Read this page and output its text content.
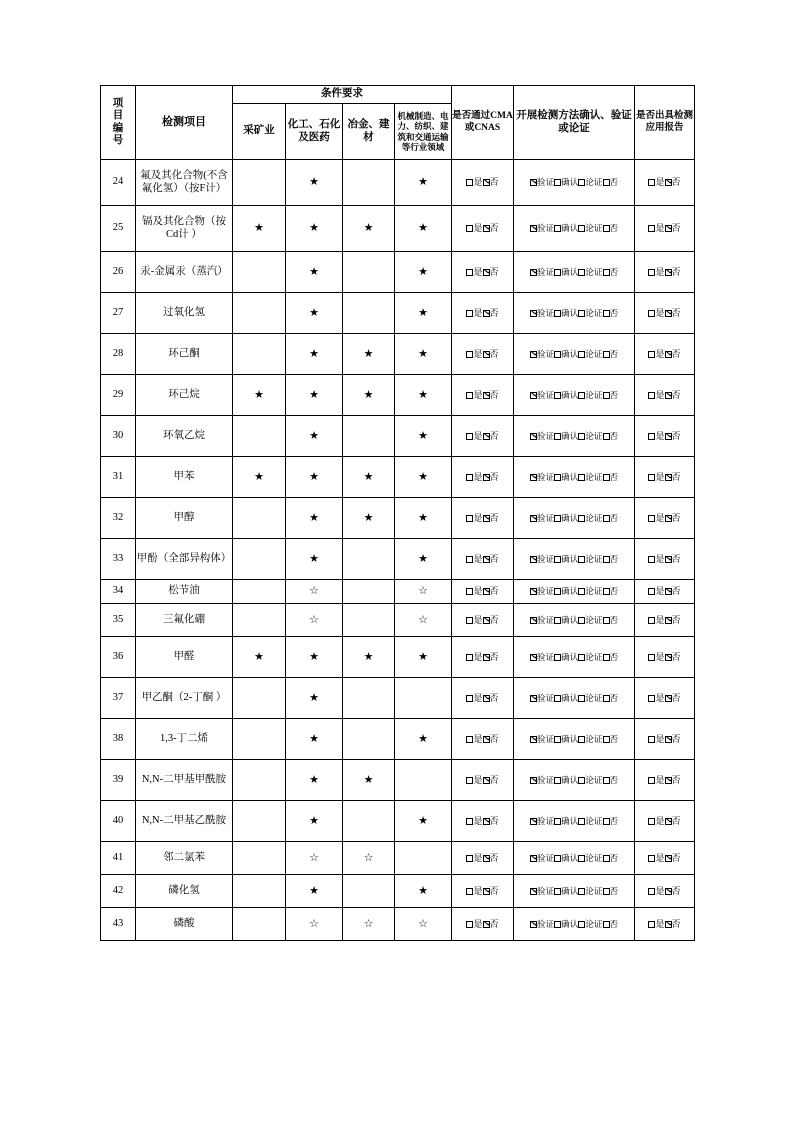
项
目
编
号	检测项目	条件要求				是否通过CMA或CNAS	开展检测方法确认、验证或论证	是否出具检测应用报告
		采矿业	化工、石化及医药	冶金、建材	机械制造、电力、纺织、建筑和交通运输等行业领域			
24	氟及其化合物(不含氟化氢）（按F计）		★		★	是 否	验证 确认 论证 否	是 否
25	镉及其化合物（按Cd计 ）	★	★	★	★	是 否	验证 确认 论证 否	是 否
26	汞-金属汞（蒸汽）		★		★	是 否	验证 确认 论证 否	是 否
27	过氧化氢		★		★	是 否	验证 确认 论证 否	是 否
28	环己酮		★	★	★	是 否	验证 确认 论证 否	是 否
29	环己烷	★	★	★	★	是 否	验证 确认 论证 否	是 否
30	环氧乙烷		★		★	是 否	验证 确认 论证 否	是 否
31	甲苯	★	★	★	★	是 否	验证 确认 论证 否	是 否
32	甲醇		★	★	★	是 否	验证 确认 论证 否	是 否
33	甲酚（全部异构体）		★		★	是 否	验证 确认 论证 否	是 否
34	松节油		☆		☆	是 否	验证 确认 论证 否	是 否
35	三氟化硼		☆		☆	是 否	验证 确认 论证 否	是 否
36	甲醛	★	★	★	★	是 否	验证 确认 论证 否	是 否
37	甲乙酮（2-丁酮 ）		★			是 否	验证 确认 论证 否	是 否
38	1,3-丁二烯		★		★	是 否	验证 确认 论证 否	是 否
39	N,N-二甲基甲酰胺		★	★		是 否	验证 确认 论证 否	是 否
40	N,N-二甲基乙酰胺		★		★	是 否	验证 确认 论证 否	是 否
41	邻二氯苯		☆	☆		是 否	验证 确认 论证 否	是 否
42	磷化氢		★		★	是 否	验证 确认 论证 否	是 否
43	磷酸		☆	☆	☆	是 否	验证 确认 论证 否	是 否
